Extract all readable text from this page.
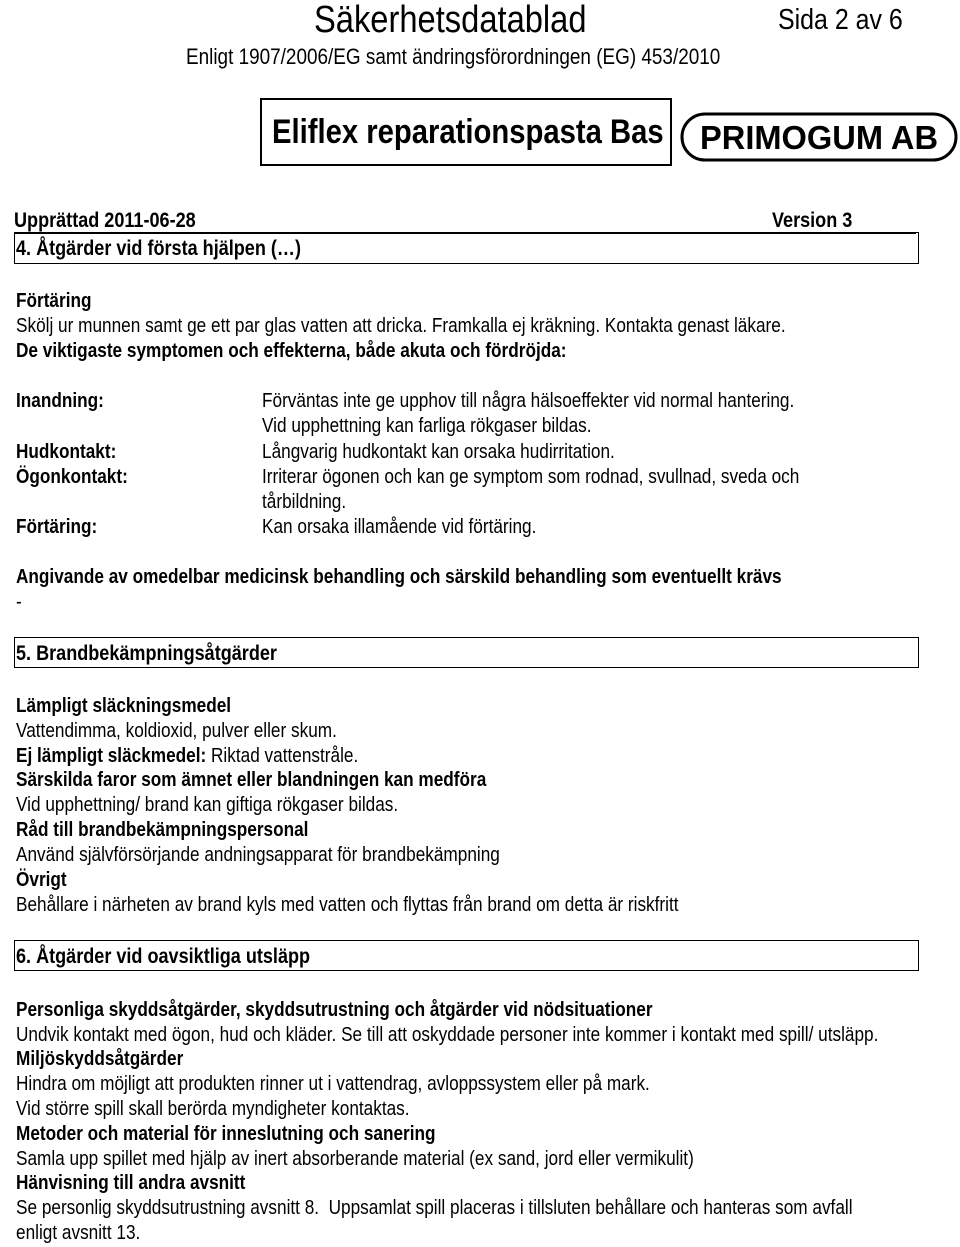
Säkerhetsdatablad	Sida 2 av 6
Enligt 1907/2006/EG samt ändringsförordningen (EG) 453/2010
Eliflex reparationspasta Bas PRIMOGUM AB
Upprättad 2011-06-28	Version 3
4. Åtgärder vid första hjälpen (…)
Förtäring
Skölj ur munnen samt ge ett par glas vatten att dricka. Framkalla ej kräkning. Kontakta genast läkare.
De viktigaste symptomen och effekterna, både akuta och fördröjda:
Inandning:
Hudkontakt:
Ögonkontakt:
Förtäring:
Förväntas inte ge upphov till några hälsoeffekter vid normal hantering.
Vid upphettning kan farliga rökgaser bildas.
Långvarig hudkontakt kan orsaka hudirritation.
Irriterar ögonen och kan ge symptom som rodnad, svullnad, sveda och
tårbildning.
Kan orsaka illamående vid förtäring.
Angivande av omedelbar medicinsk behandling och särskild behandling som eventuellt krävs
-
5. Brandbekämpningsåtgärder
Lämpligt släckningsmedel
Vattendimma, koldioxid, pulver eller skum.
Ej lämpligt släckmedel: Riktad vattenstråle.
Särskilda faror som ämnet eller blandningen kan medföra
Vid upphettning/ brand kan giftiga rökgaser bildas.
Råd till brandbekämpningspersonal
Använd självförsörjande andningsapparat för brandbekämpning
Övrigt
Behållare i närheten av brand kyls med vatten och flyttas från brand om detta är riskfritt
6. Åtgärder vid oavsiktliga utsläpp
Personliga skyddsåtgärder, skyddsutrustning och åtgärder vid nödsituationer
Undvik kontakt med ögon, hud och kläder. Se till att oskyddade personer inte kommer i kontakt med spill/ utsläpp.
Miljöskyddsåtgärder
Hindra om möjligt att produkten rinner ut i vattendrag, avloppssystem eller på mark.
Vid större spill skall berörda myndigheter kontaktas.
Metoder och material för inneslutning och sanering
Samla upp spillet med hjälp av inert absorberande material (ex sand, jord eller vermikulit)
Hänvisning till andra avsnitt
Se personlig skyddsutrustning avsnitt 8.  Uppsamlat spill placeras i tillsluten behållare och hanteras som avfall
enligt avsnitt 13.
